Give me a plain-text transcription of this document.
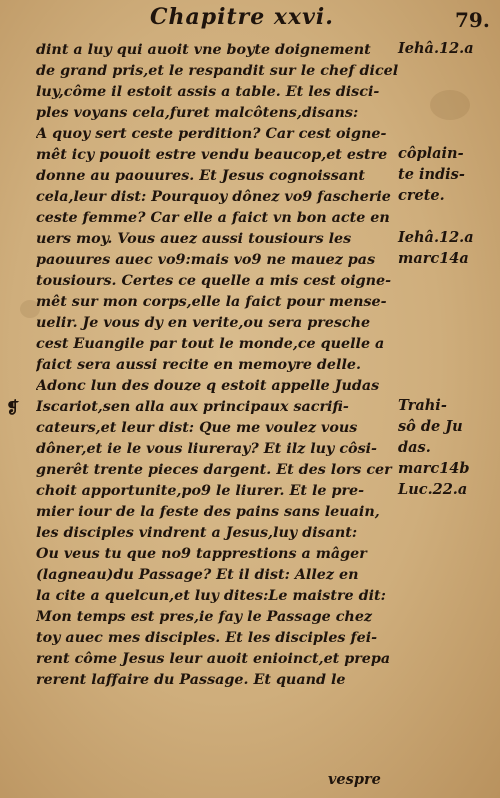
Chapitre xxvi.	79.
dint a luy qui auoit vne boyte doignement
de grand pris,et le respandit sur le chef dicel
luy,côme il estoit assis a table. Et les disci-
ples voyans cela,furet malcôtens,disans:
A quoy sert ceste perdition? Car cest oigne-
mêt icy pouoit estre vendu beaucop,et estre
donne au paouures. Et Jesus cognoissant
cela,leur dist: Pourquoy dônez vo9 fascherie
ceste femme? Car elle a faict vn bon acte en
uers moy. Vous auez aussi tousiours les
paouures auec vo9:mais vo9 ne mauez pas
tousiours. Certes ce quelle a mis cest oigne-
mêt sur mon corps,elle la faict pour mense-
uelir. Je vous dy en verite,ou sera presche
cest Euangile par tout le monde,ce quelle a
faict sera aussi recite en memoyre delle.
Adonc lun des douze q estoit appelle Judas
Iscariot,sen alla aux principaux sacrifi-
cateurs,et leur dist: Que me voulez vous
dôner,et ie le vous liureray? Et ilz luy côsi-
gnerêt trente pieces dargent. Et des lors cer
choit apportunite,po9 le liurer. Et le pre-
mier iour de la feste des pains sans leuain,
les disciples vindrent a Jesus,luy disant:
Ou veus tu que no9 tapprestions a mâger
(lagneau)du Passage? Et il dist: Allez en
la cite a quelcun,et luy dites:Le maistre dit:
Mon temps est pres,ie fay le Passage chez
toy auec mes disciples. Et les disciples fei-
rent côme Jesus leur auoit enioinct,et prepa
rerent laffaire du Passage. Et quand le
Iehâ.12.a
côplain-
te indis-
crete.
Iehâ.12.a
marc14a
Trahi-
sô de Ju
das.
marc14b
Luc.22.a
❡
vespre
